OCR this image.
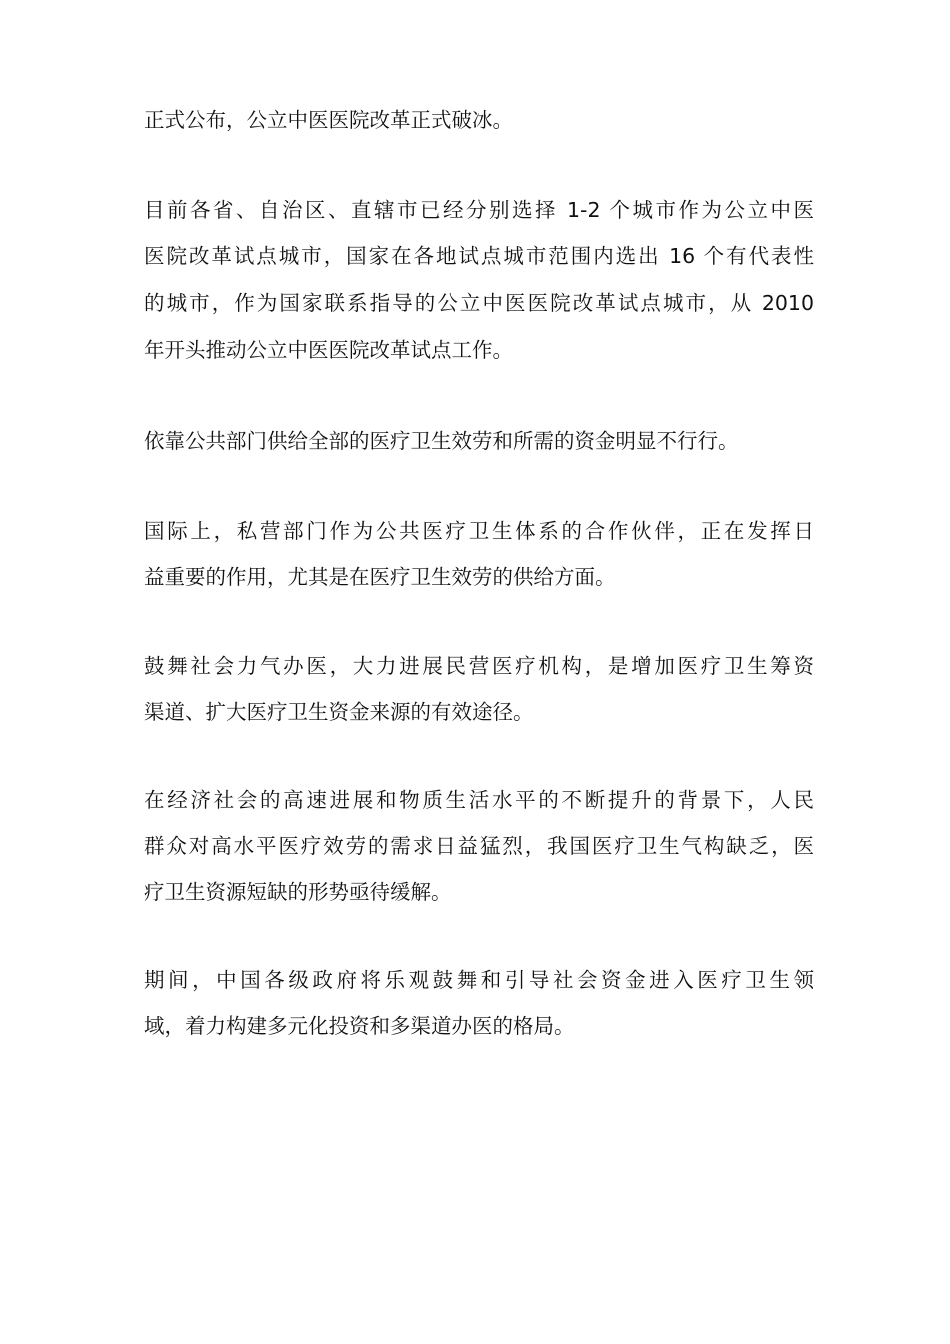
正式公布，公立中医医院改革正式破冰。

目前各省、自治区、直辖市已经分别选择 1-2 个城市作为公立中医

医院改革试点城市，国家在各地试点城市范围内选出 16 个有代表性

的城市，作为国家联系指导的公立中医医院改革试点城市，从 2010

年开头推动公立中医医院改革试点工作。

依靠公共部门供给全部的医疗卫生效劳和所需的资金明显不行行。

国际上，私营部门作为公共医疗卫生体系的合作伙伴，正在发挥日

益重要的作用，尤其是在医疗卫生效劳的供给方面。

鼓舞社会力气办医，大力进展民营医疗机构，是增加医疗卫生筹资

渠道、扩大医疗卫生资金来源的有效途径。

在经济社会的高速进展和物质生活水平的不断提升的背景下，人民

群众对高水平医疗效劳的需求日益猛烈，我国医疗卫生气构缺乏，医

疗卫生资源短缺的形势亟待缓解。

期间，中国各级政府将乐观鼓舞和引导社会资金进入医疗卫生领

域，着力构建多元化投资和多渠道办医的格局。
